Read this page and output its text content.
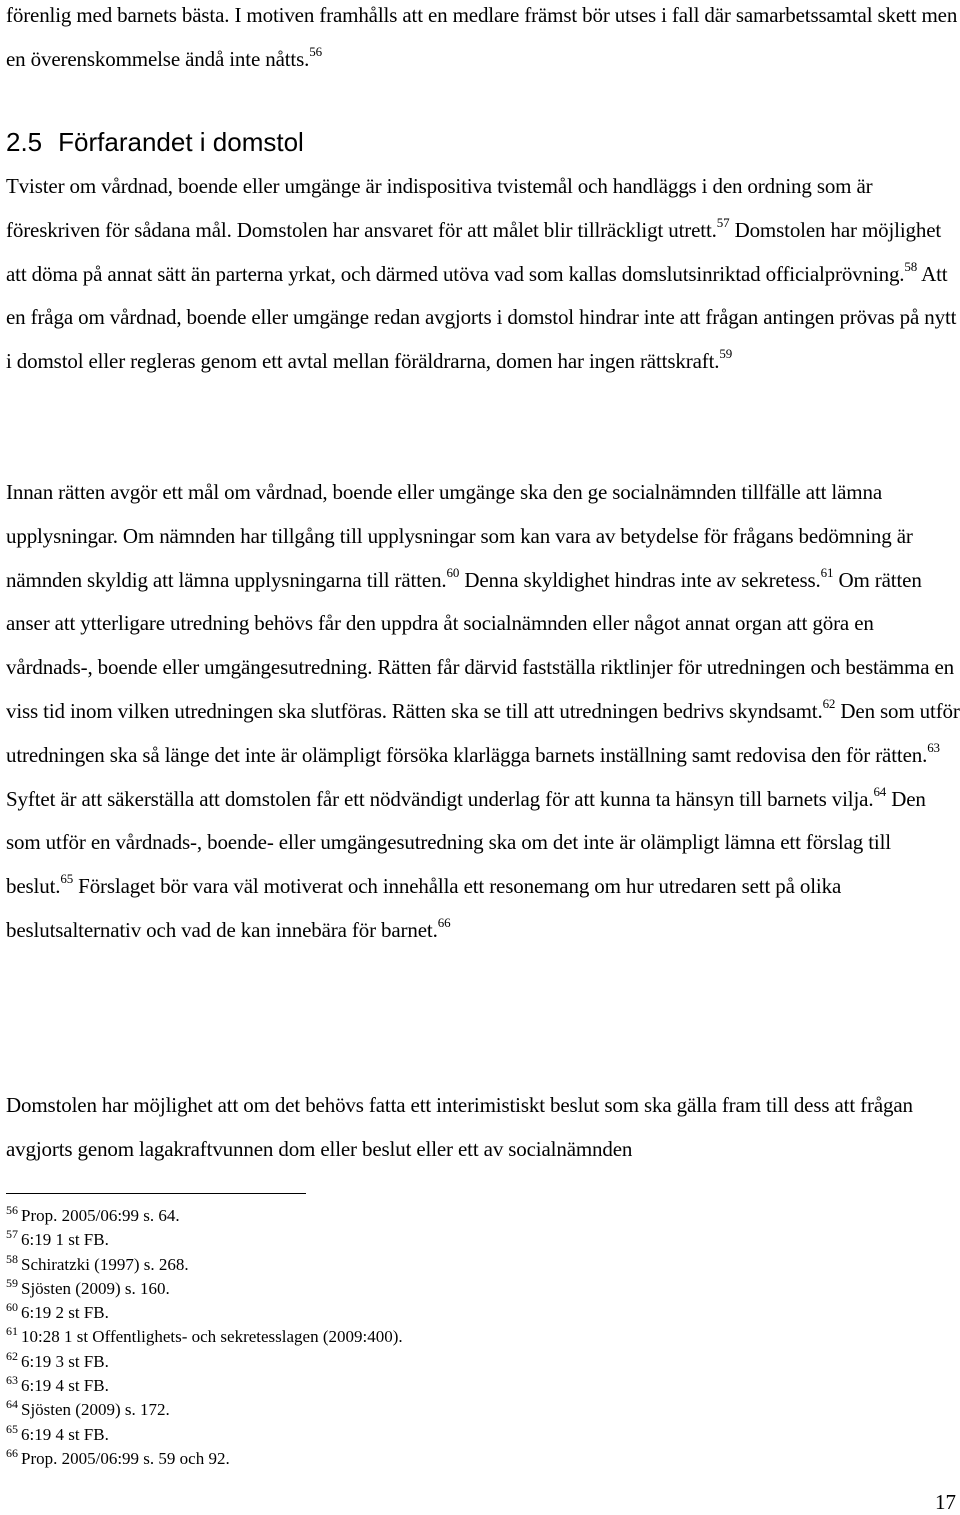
förenlig med barnets bästa. I motiven framhålls att en medlare främst bör utses i fall där samarbetssamtal skett men en överenskommelse ändå inte nåtts.$^{56}$
2.5 Förfarandet i domstol
Tvister om vårdnad, boende eller umgänge är indispositiva tvistemål och handläggs i den ordning som är föreskriven för sådana mål. Domstolen har ansvaret för att målet blir tillräckligt utrett.$^{57}$ Domstolen har möjlighet att döma på annat sätt än parterna yrkat, och därmed utöva vad som kallas domslutsinriktad officialprövning.$^{58}$ Att en fråga om vårdnad, boende eller umgänge redan avgjorts i domstol hindrar inte att frågan antingen prövas på nytt i domstol eller regleras genom ett avtal mellan föräldrarna, domen har ingen rättskraft.$^{59}$
Innan rätten avgör ett mål om vårdnad, boende eller umgänge ska den ge socialnämnden tillfälle att lämna upplysningar. Om nämnden har tillgång till upplysningar som kan vara av betydelse för frågans bedömning är nämnden skyldig att lämna upplysningarna till rätten.$^{60}$ Denna skyldighet hindras inte av sekretess.$^{61}$ Om rätten anser att ytterligare utredning behövs får den uppdra åt socialnämnden eller något annat organ att göra en vårdnads-, boende eller umgängesutredning. Rätten får därvid fastställa riktlinjer för utredningen och bestämma en viss tid inom vilken utredningen ska slutföras. Rätten ska se till att utredningen bedrivs skyndsamt.$^{62}$ Den som utför utredningen ska så länge det inte är olämpligt försöka klarlägga barnets inställning samt redovisa den för rätten.$^{63}$ Syftet är att säkerställa att domstolen får ett nödvändigt underlag för att kunna ta hänsyn till barnets vilja.$^{64}$ Den som utför en vårdnads-, boende- eller umgängesutredning ska om det inte är olämpligt lämna ett förslag till beslut.$^{65}$ Förslaget bör vara väl motiverat och innehålla ett resonemang om hur utredaren sett på olika beslutsalternativ och vad de kan innebära för barnet.$^{66}$
Domstolen har möjlighet att om det behövs fatta ett interimistiskt beslut som ska gälla fram till dess att frågan avgjorts genom lagakraftvunnen dom eller beslut eller ett av socialnämnden
$^{56}$ Prop. 2005/06:99 s. 64.
$^{57}$ 6:19 1 st FB.
$^{58}$ Schiratzki (1997) s. 268.
$^{59}$ Sjösten (2009) s. 160.
$^{60}$ 6:19 2 st FB.
$^{61}$ 10:28 1 st Offentlighets- och sekretesslagen (2009:400).
$^{62}$ 6:19 3 st FB.
$^{63}$ 6:19 4 st FB.
$^{64}$ Sjösten (2009) s. 172.
$^{65}$ 6:19 4 st FB.
$^{66}$ Prop. 2005/06:99 s. 59 och 92.
17
